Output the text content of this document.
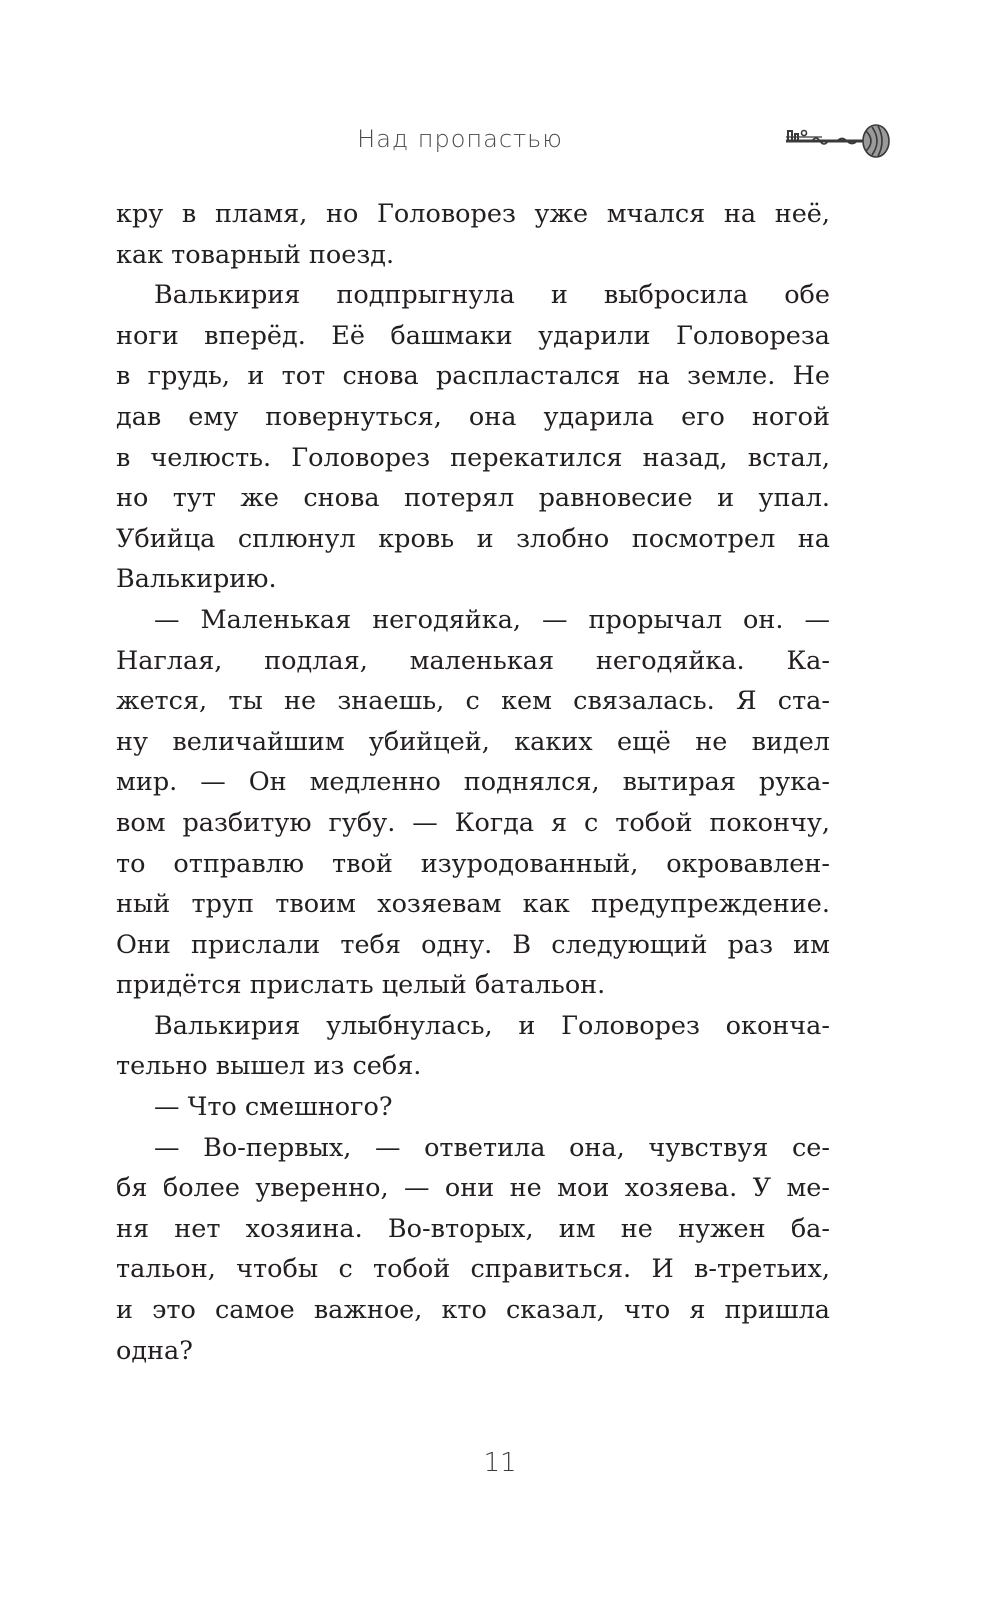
Над пропастью
кру в пламя, но Головорез уже мчался на неё,
как товарный поезд.
Валькирия подпрыгнула и выбросила обе
ноги вперёд. Её башмаки ударили Головореза
в грудь, и тот снова распластался на земле. Не
дав ему повернуться, она ударила его ногой
в челюсть. Головорез перекатился назад, встал,
но тут же снова потерял равновесие и упал.
Убийца сплюнул кровь и злобно посмотрел на
Валькирию.
— Маленькая негодяйка, — прорычал он. —
Наглая, подлая, маленькая негодяйка. Ка-
жется, ты не знаешь, с кем связалась. Я ста-
ну величайшим убийцей, каких ещё не видел
мир. — Он медленно поднялся, вытирая рука-
вом разбитую губу. — Когда я с тобой покончу,
то отправлю твой изуродованный, окровавлен-
ный труп твоим хозяевам как предупреждение.
Они прислали тебя одну. В следующий раз им
придётся прислать целый батальон.
Валькирия улыбнулась, и Головорез оконча-
тельно вышел из себя.
— Что смешного?
— Во-первых, — ответила она, чувствуя се-
бя более уверенно, — они не мои хозяева. У ме-
ня нет хозяина. Во-вторых, им не нужен ба-
тальон, чтобы с тобой справиться. И в-третьих,
и это самое важное, кто сказал, что я пришла
одна?
11
